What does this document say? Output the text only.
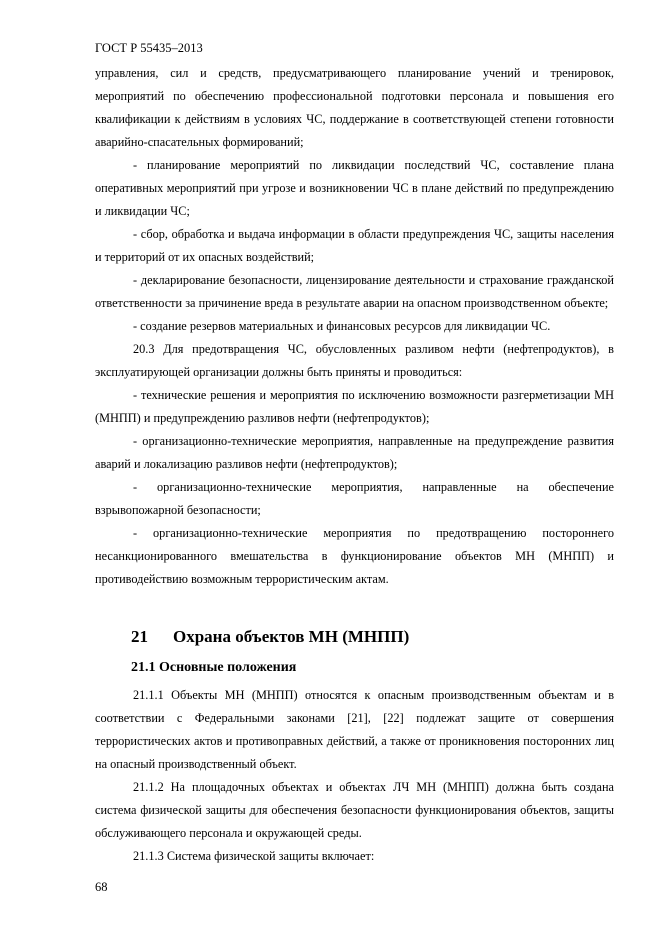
ГОСТ Р 55435–2013

управления, сил и средств, предусматривающего планирование учений и тренировок, мероприятий по обеспечению профессиональной подготовки персонала и повышения его квалификации к действиям в условиях ЧС, поддержание в соответствующей степени готовности аварийно-спасательных формирований;

- планирование мероприятий по ликвидации последствий ЧС, составление плана оперативных мероприятий при угрозе и возникновении ЧС в плане действий по предупреждению и ликвидации ЧС;

- сбор, обработка и выдача информации в области предупреждения ЧС, защиты населения и территорий от их опасных воздействий;

- декларирование безопасности, лицензирование деятельности и страхование гражданской ответственности за причинение вреда в результате аварии на опасном производственном объекте;

- создание резервов материальных и финансовых ресурсов для ликвидации ЧС.

20.3 Для предотвращения ЧС, обусловленных разливом нефти (нефтепродуктов), в эксплуатирующей организации должны быть приняты и проводиться:

- технические решения и мероприятия по исключению возможности разгерметизации МН (МНПП) и предупреждению разливов нефти (нефтепродуктов);

- организационно-технические мероприятия, направленные на предупреждение развития аварий и локализацию разливов нефти (нефтепродуктов);

- организационно-технические мероприятия, направленные на обеспечение взрывопожарной безопасности;

- организационно-технические мероприятия по предотвращению постороннего несанкционированного вмешательства в функционирование объектов МН (МНПП) и противодействию возможным террористическим актам.

21 Охрана объектов МН (МНПП)
21.1 Основные положения

21.1.1 Объекты МН (МНПП) относятся к опасным производственным объектам и в соответствии с Федеральными законами [21], [22] подлежат защите от совершения террористических актов и противоправных действий, а также от проникновения посторонних лиц на опасный производственный объект.

21.1.2 На площадочных объектах и объектах ЛЧ МН (МНПП) должна быть создана система физической защиты для обеспечения безопасности функционирования объектов, защиты обслуживающего персонала и окружающей среды.

21.1.3 Система физической защиты включает:

68
